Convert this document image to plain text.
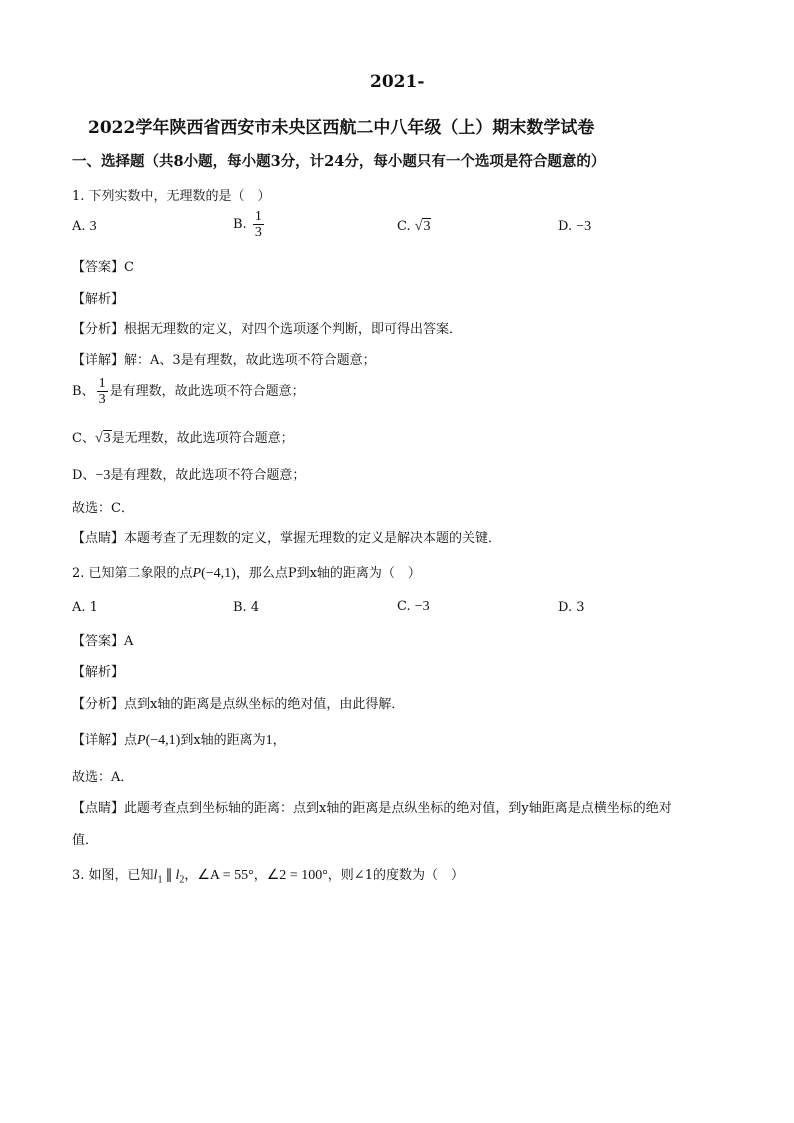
2021-
2022学年陕西省西安市未央区西航二中八年级（上）期末数学试卷
一、选择题（共8小题，每小题3分，计24分，每小题只有一个选项是符合题意的）
1. 下列实数中，无理数的是（　）
A. 3	B. $\frac{1}{3}$	C. √3	D. −3
【答案】C
【解析】
【分析】根据无理数的定义，对四个选项逐个判断，即可得出答案．
【详解】解：A、3是有理数，故此选项不符合题意；
B、 $\frac{1}{3}$ 是有理数，故此选项不符合题意；
C、√3是无理数，故此选项符合题意；
D、−3是有理数，故此选项不符合题意；
故选：C．
【点睛】本题考查了无理数的定义，掌握无理数的定义是解决本题的关键．
2. 已知第二象限的点P(−4,1)，那么点P到x轴的距离为（　）
A. 1	B. 4	C. −3	D. 3
【答案】A
【解析】
【分析】点到x轴的距离是点纵坐标的绝对值，由此得解．
【详解】点P(−4,1)到x轴的距离为1，
故选：A．
【点睛】此题考查点到坐标轴的距离：点到x轴的距离是点纵坐标的绝对值，到y轴距离是点横坐标的绝对
值．
3. 如图，已知$l_1$ ∥ $l_2$，∠A = 55°，∠2 = 100°，则∠1的度数为（　）
